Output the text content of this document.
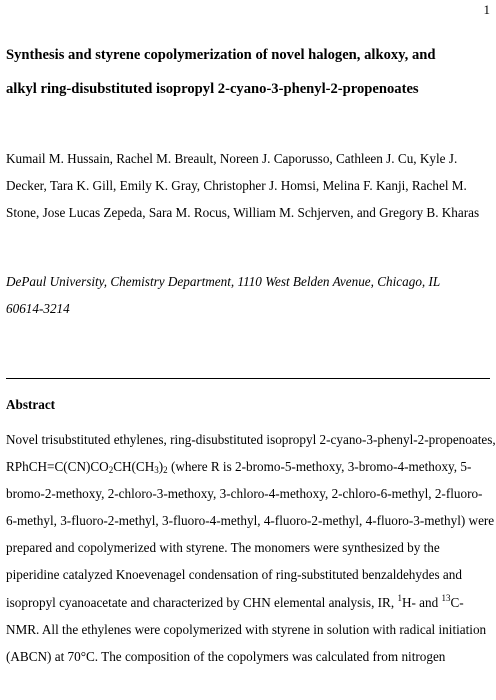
1
Synthesis and styrene copolymerization of novel halogen, alkoxy, and
alkyl ring-disubstituted isopropyl 2-cyano-3-phenyl-2-propenoates

Kumail M. Hussain, Rachel M. Breault, Noreen J. Caporusso, Cathleen J. Cu, Kyle J.
Decker, Tara K. Gill, Emily K. Gray, Christopher J. Homsi, Melina F. Kanji, Rachel M.
Stone, Jose Lucas Zepeda, Sara M. Rocus, William M. Schjerven, and Gregory B. Kharas

DePaul University, Chemistry Department, 1110 West Belden Avenue, Chicago, IL
60614-3214

Abstract

Novel trisubstituted ethylenes, ring-disubstituted isopropyl 2-cyano-3-phenyl-2-propenoates,
$RPhCH=C(CN)CO_2CH(CH_3)_2$ (where R is 2-bromo-5-methoxy, 3-bromo-4-methoxy, 5-
bromo-2-methoxy, 2-chloro-3-methoxy, 3-chloro-4-methoxy, 2-chloro-6-methyl, 2-fluoro-
6-methyl, 3-fluoro-2-methyl, 3-fluoro-4-methyl, 4-fluoro-2-methyl, 4-fluoro-3-methyl) were
prepared and copolymerized with styrene. The monomers were synthesized by the
piperidine catalyzed Knoevenagel condensation of ring-substituted benzaldehydes and
isopropyl cyanoacetate and characterized by CHN elemental analysis, IR, $^1$H- and $^{13}$C-
NMR. All the ethylenes were copolymerized with styrene in solution with radical initiation
(ABCN) at 70°C. The composition of the copolymers was calculated from nitrogen
